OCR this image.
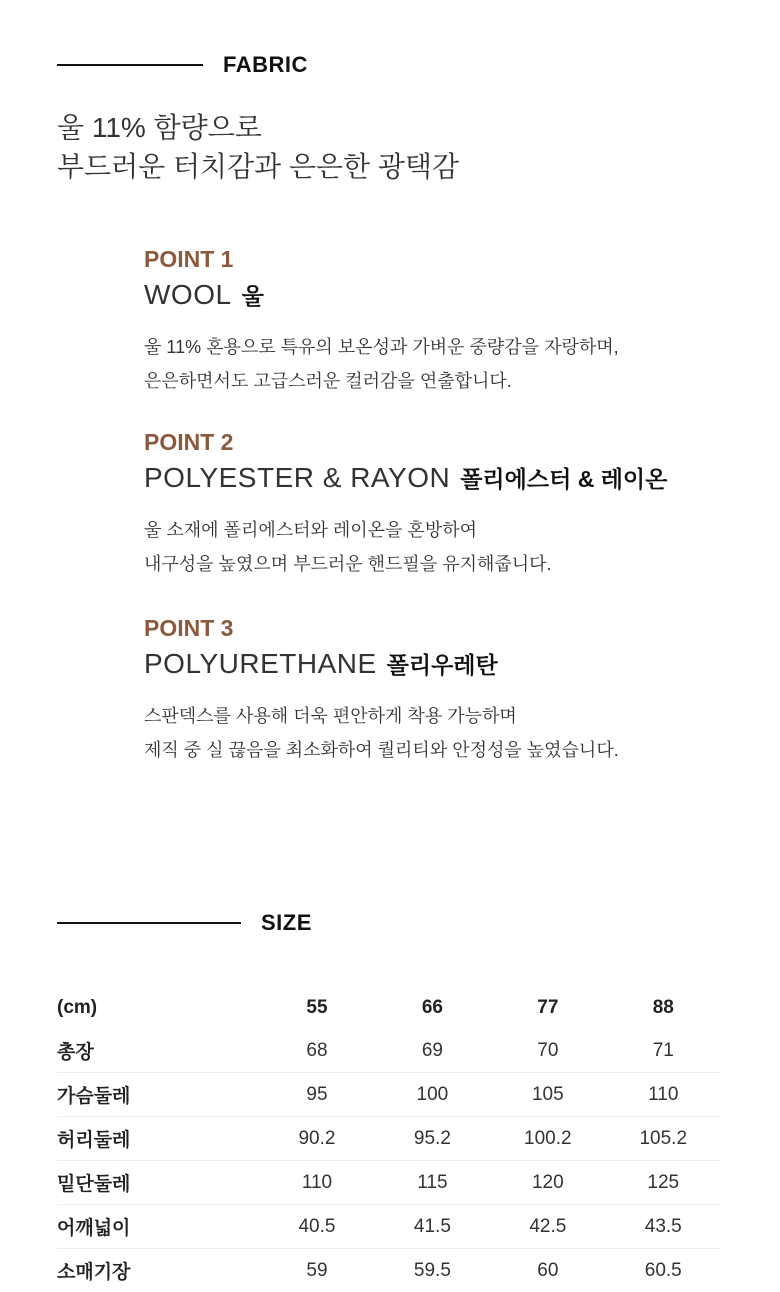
FABRIC
울 11% 함량으로
부드러운 터치감과 은은한 광택감
POINT 1
WOOL 울
울 11% 혼용으로 특유의 보온성과 가벼운 중량감을 자랑하며,
은은하면서도 고급스러운 컬러감을 연출합니다.
POINT 2
POLYESTER & RAYON 폴리에스터 & 레이온
울 소재에 폴리에스터와 레이온을 혼방하여
내구성을 높였으며 부드러운 핸드필을 유지해줍니다.
POINT 3
POLYURETHANE 폴리우레탄
스판덱스를 사용해 더욱 편안하게 착용 가능하며
제직 중 실 끊음을 최소화하여 퀄리티와 안정성을 높였습니다.
SIZE
(cm)	55	66	77	88
총장	68	69	70	71
가슴둘레	95	100	105	110
허리둘레	90.2	95.2	100.2	105.2
밑단둘레	110	115	120	125
어깨넓이	40.5	41.5	42.5	43.5
소매기장	59	59.5	60	60.5
